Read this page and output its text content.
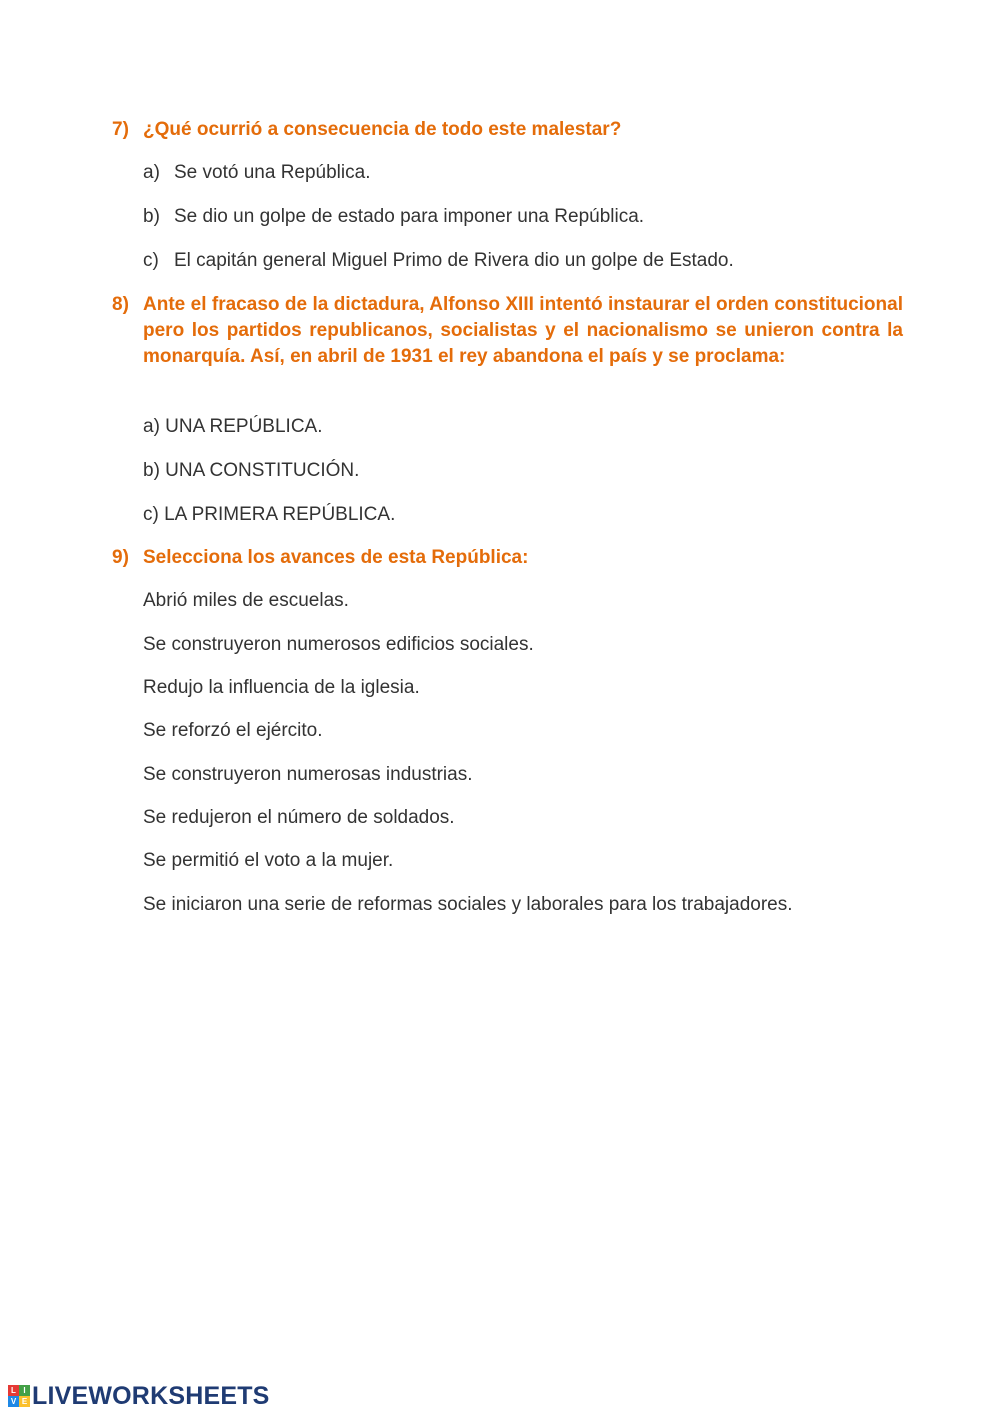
7) ¿Qué ocurrió a consecuencia de todo este malestar?
a) Se votó una República.
b) Se dio un golpe de estado para imponer una República.
c) El capitán general Miguel Primo de Rivera dio un golpe de Estado.
8) Ante el fracaso de la dictadura, Alfonso XIII intentó instaurar el orden constitucional pero los partidos republicanos, socialistas y el nacionalismo se unieron contra la monarquía. Así, en abril de 1931 el rey abandona el país y se proclama:
a) UNA REPÚBLICA.
b) UNA CONSTITUCIÓN.
c) LA PRIMERA REPÚBLICA.
9) Selecciona los avances de esta República:
Abrió miles de escuelas.
Se construyeron numerosos edificios sociales.
Redujo la influencia de la iglesia.
Se reforzó el ejército.
Se construyeron numerosas industrias.
Se redujeron el número de soldados.
Se permitió el voto a la mujer.
Se iniciaron una serie de reformas sociales y laborales para los trabajadores.
L I
V E LIVEWORKSHEETS
